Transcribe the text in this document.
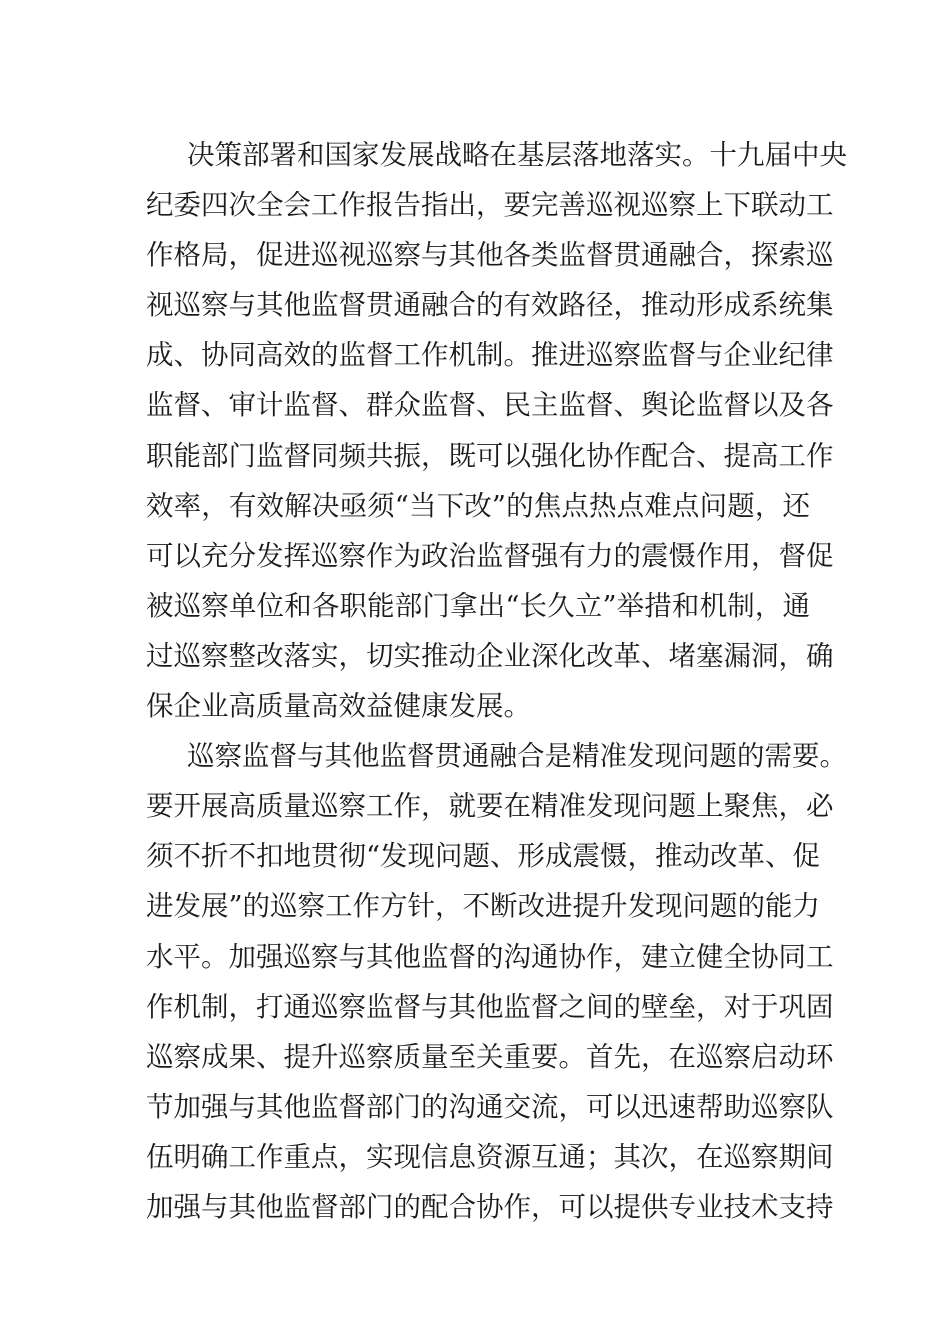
决策部署和国家发展战略在基层落地落实。十九届中央
纪委四次全会工作报告指出，要完善巡视巡察上下联动工
作格局，促进巡视巡察与其他各类监督贯通融合，探索巡
视巡察与其他监督贯通融合的有效路径，推动形成系统集
成、协同高效的监督工作机制。推进巡察监督与企业纪律
监督、审计监督、群众监督、民主监督、舆论监督以及各
职能部门监督同频共振，既可以强化协作配合、提高工作
效率，有效解决亟须“当下改”的焦点热点难点问题，还
可以充分发挥巡察作为政治监督强有力的震慑作用，督促
被巡察单位和各职能部门拿出“长久立”举措和机制，通
过巡察整改落实，切实推动企业深化改革、堵塞漏洞，确
保企业高质量高效益健康发展。
巡察监督与其他监督贯通融合是精准发现问题的需要。
要开展高质量巡察工作，就要在精准发现问题上聚焦，必
须不折不扣地贯彻“发现问题、形成震慑，推动改革、促
进发展”的巡察工作方针，不断改进提升发现问题的能力
水平。加强巡察与其他监督的沟通协作，建立健全协同工
作机制，打通巡察监督与其他监督之间的壁垒，对于巩固
巡察成果、提升巡察质量至关重要。首先，在巡察启动环
节加强与其他监督部门的沟通交流，可以迅速帮助巡察队
伍明确工作重点，实现信息资源互通；其次，在巡察期间
加强与其他监督部门的配合协作，可以提供专业技术支持
